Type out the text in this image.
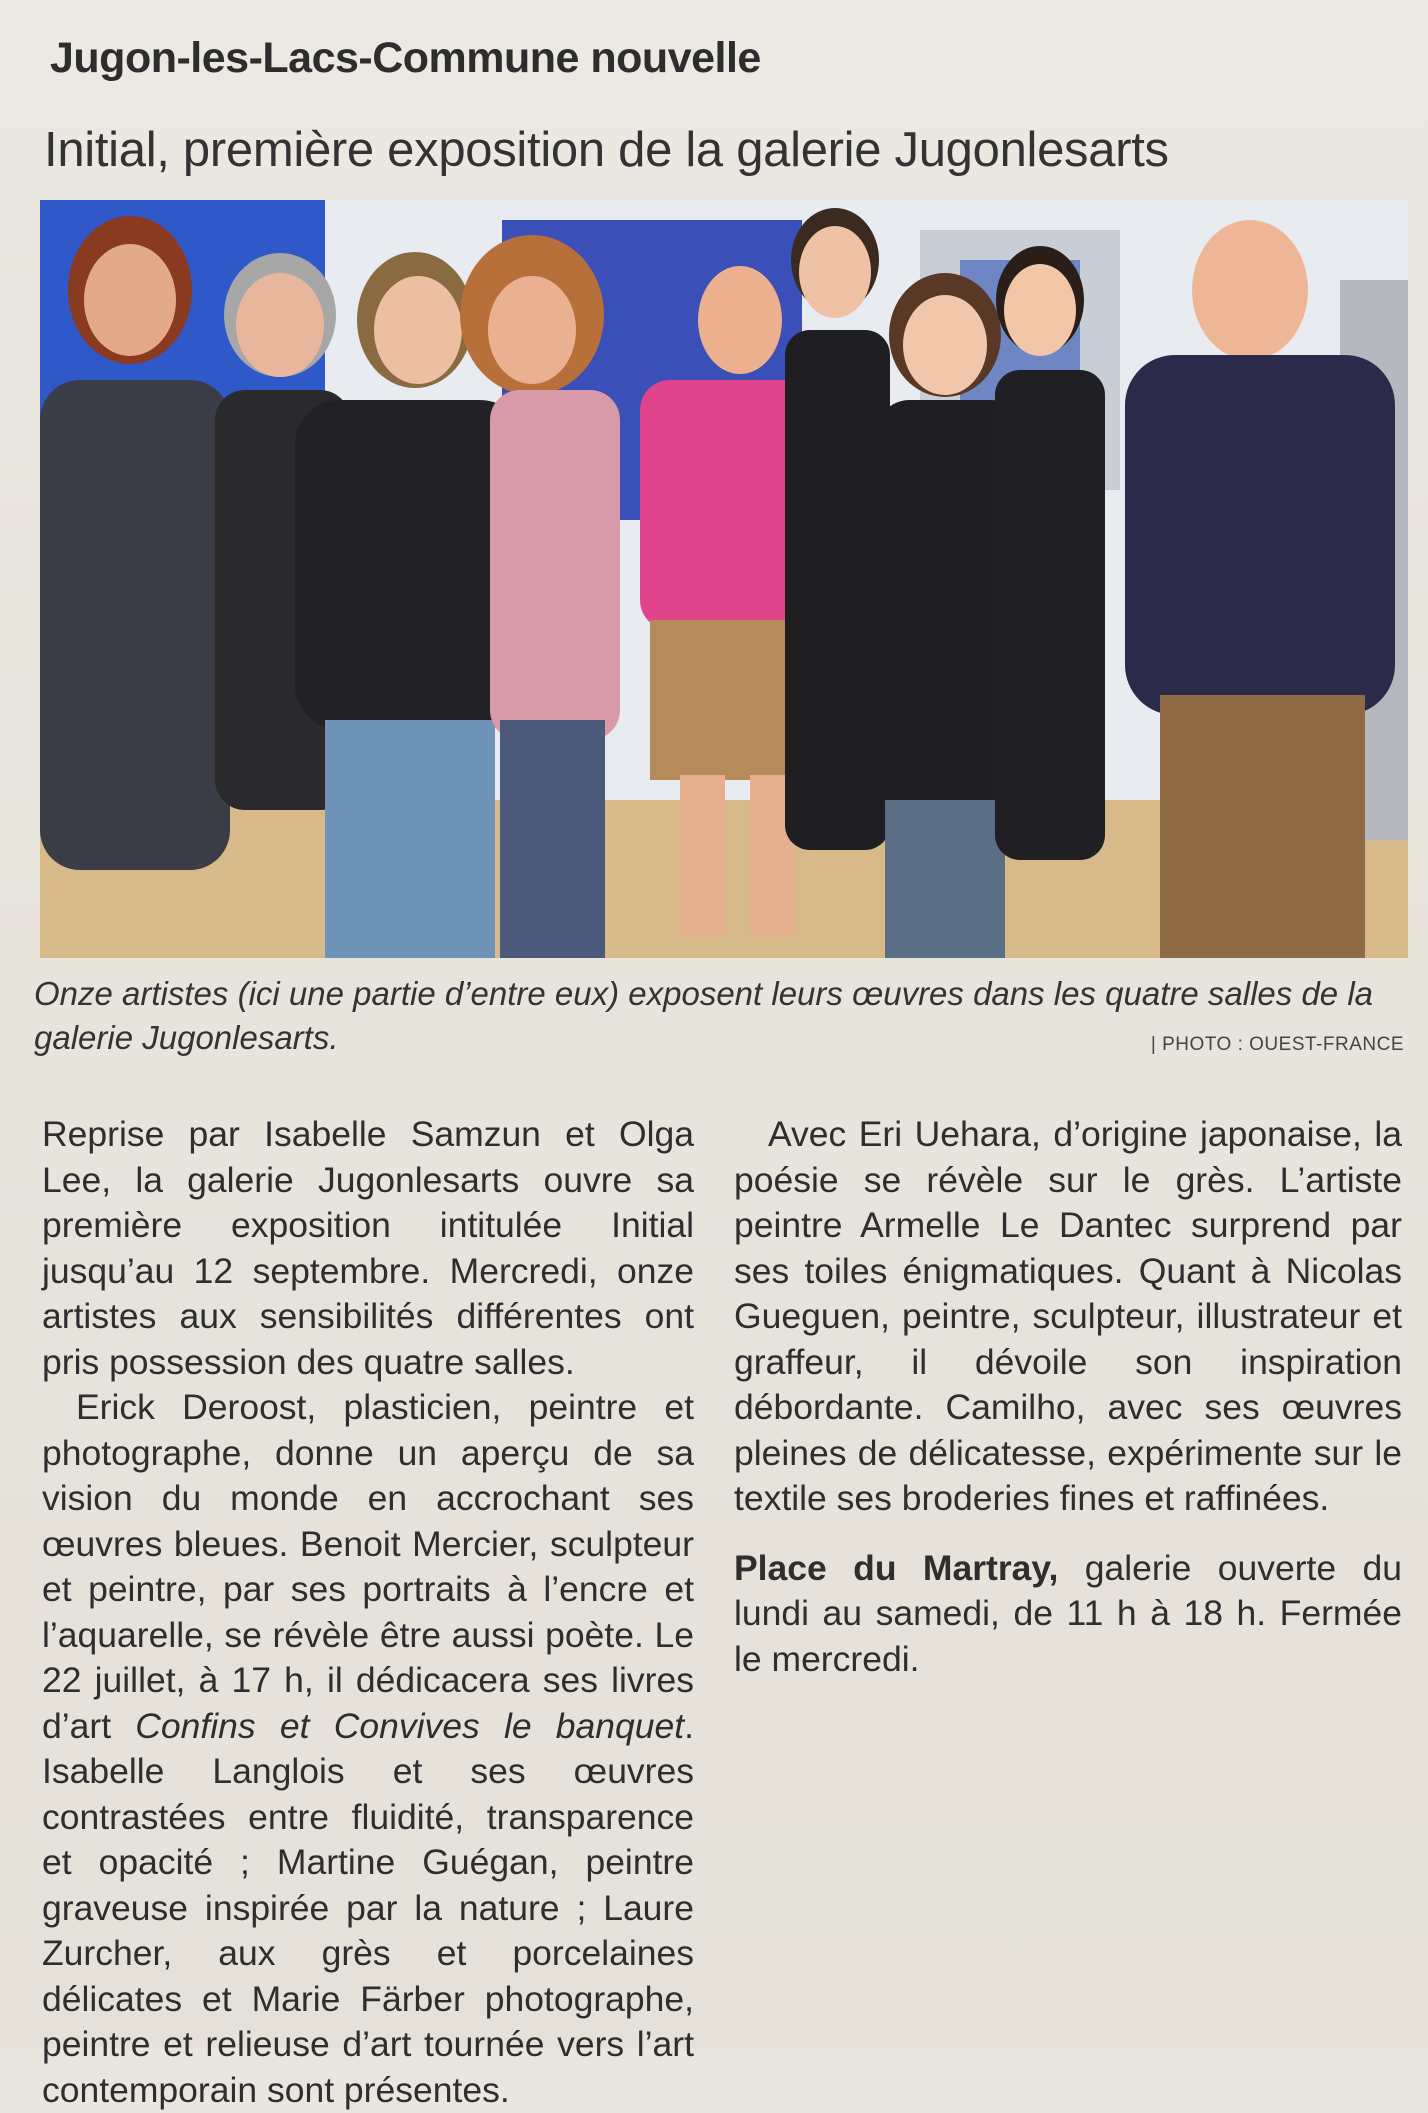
Jugon-les-Lacs-Commune nouvelle
Initial, première exposition de la galerie Jugonlesarts
Onze artistes (ici une partie d’entre eux) exposent leurs œuvres dans les quatre salles de la galerie Jugonlesarts.	| PHOTO : OUEST-FRANCE

Reprise par Isabelle Samzun et Olga Lee, la galerie Jugonlesarts ouvre sa première exposition intitulée Initial jusqu’au 12 septembre. Mercredi, onze artistes aux sensibilités différentes ont pris possession des quatre salles.

Erick Deroost, plasticien, peintre et photographe, donne un aperçu de sa vision du monde en accrochant ses œuvres bleues. Benoit Mercier, sculpteur et peintre, par ses portraits à l’encre et l’aquarelle, se révèle être aussi poète. Le 22 juillet, à 17 h, il dédicacera ses livres d’art Confins et Convives le banquet. Isabelle Langlois et ses œuvres contrastées entre fluidité, transparence et opacité ; Martine Guégan, peintre graveuse inspirée par la nature ; Laure Zurcher, aux grès et porcelaines délicates et Marie Färber photographe, peintre et relieuse d’art tournée vers l’art contemporain sont présentes.

Avec Eri Uehara, d’origine japonaise, la poésie se révèle sur le grès. L’artiste peintre Armelle Le Dantec surprend par ses toiles énigmatiques. Quant à Nicolas Gueguen, peintre, sculpteur, illustrateur et graffeur, il dévoile son inspiration débordante. Camilho, avec ses œuvres pleines de délicatesse, expérimente sur le textile ses broderies fines et raffinées.

Place du Martray, galerie ouverte du lundi au samedi, de 11 h à 18 h. Fermée le mercredi.
